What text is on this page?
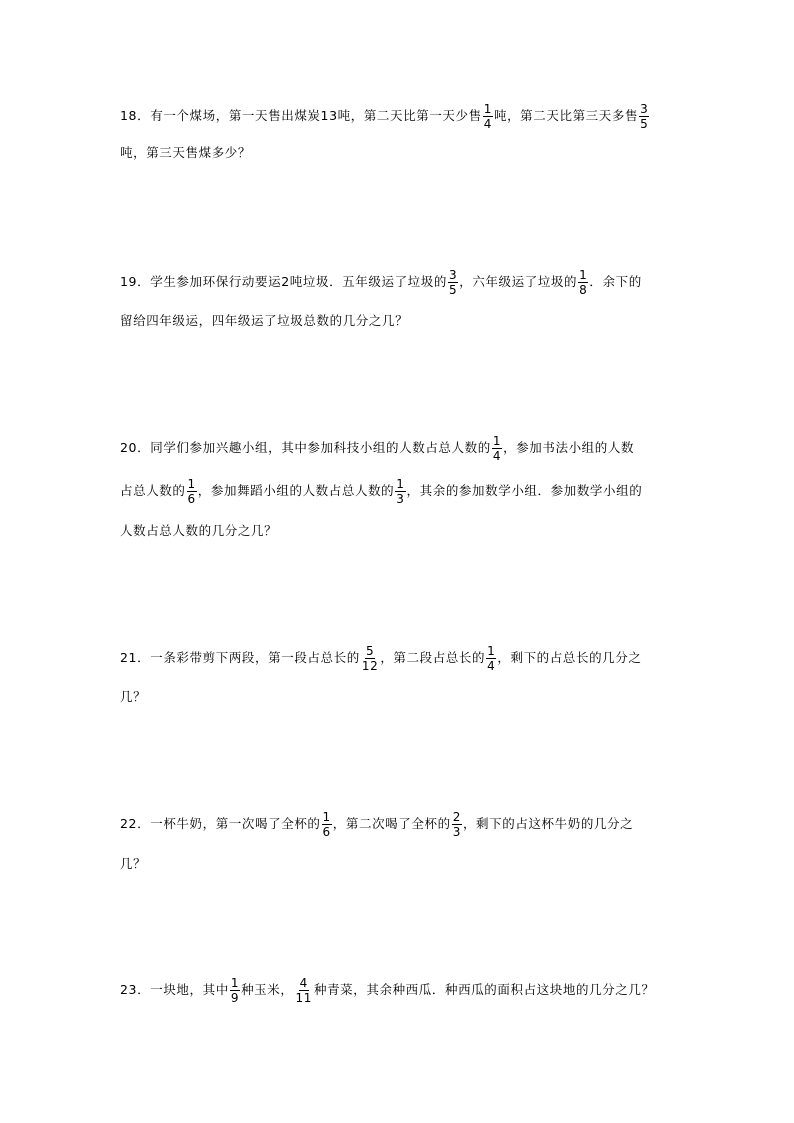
18． 有一个煤场，第一天售出煤炭13吨，第二天比第一天少售 $\frac{1}{4}$ 吨，第二天比第三天多售 $\frac{3}{5}$
吨，第三天售煤多少？
19． 学生参加环保行动要运2吨垃圾．五年级运了垃圾的 $\frac{3}{5}$ ，六年级运了垃圾的 $\frac{1}{8}$ ．余下的
留给四年级运，四年级运了垃圾总数的几分之几？
20． 同学们参加兴趣小组，其中参加科技小组的人数占总人数的 $\frac{1}{4}$ ，参加书法小组的人数
占总人数的 $\frac{1}{6}$ ，参加舞蹈小组的人数占总人数的 $\frac{1}{3}$ ，其余的参加数学小组．参加数学小组的
人数占总人数的几分之几？
21． 一条彩带剪下两段，第一段占总长的 $\frac{5}{12}$ ，第二段占总长的 $\frac{1}{4}$ ，剩下的占总长的几分之
几？
22． 一杯牛奶，第一次喝了全杯的 $\frac{1}{6}$ ，第二次喝了全杯的 $\frac{2}{3}$ ，剩下的占这杯牛奶的几分之
几？
23． 一块地，其中 $\frac{1}{9}$ 种玉米， $\frac{4}{11}$ 种青菜，其余种西瓜．种西瓜的面积占这块地的几分之几？
